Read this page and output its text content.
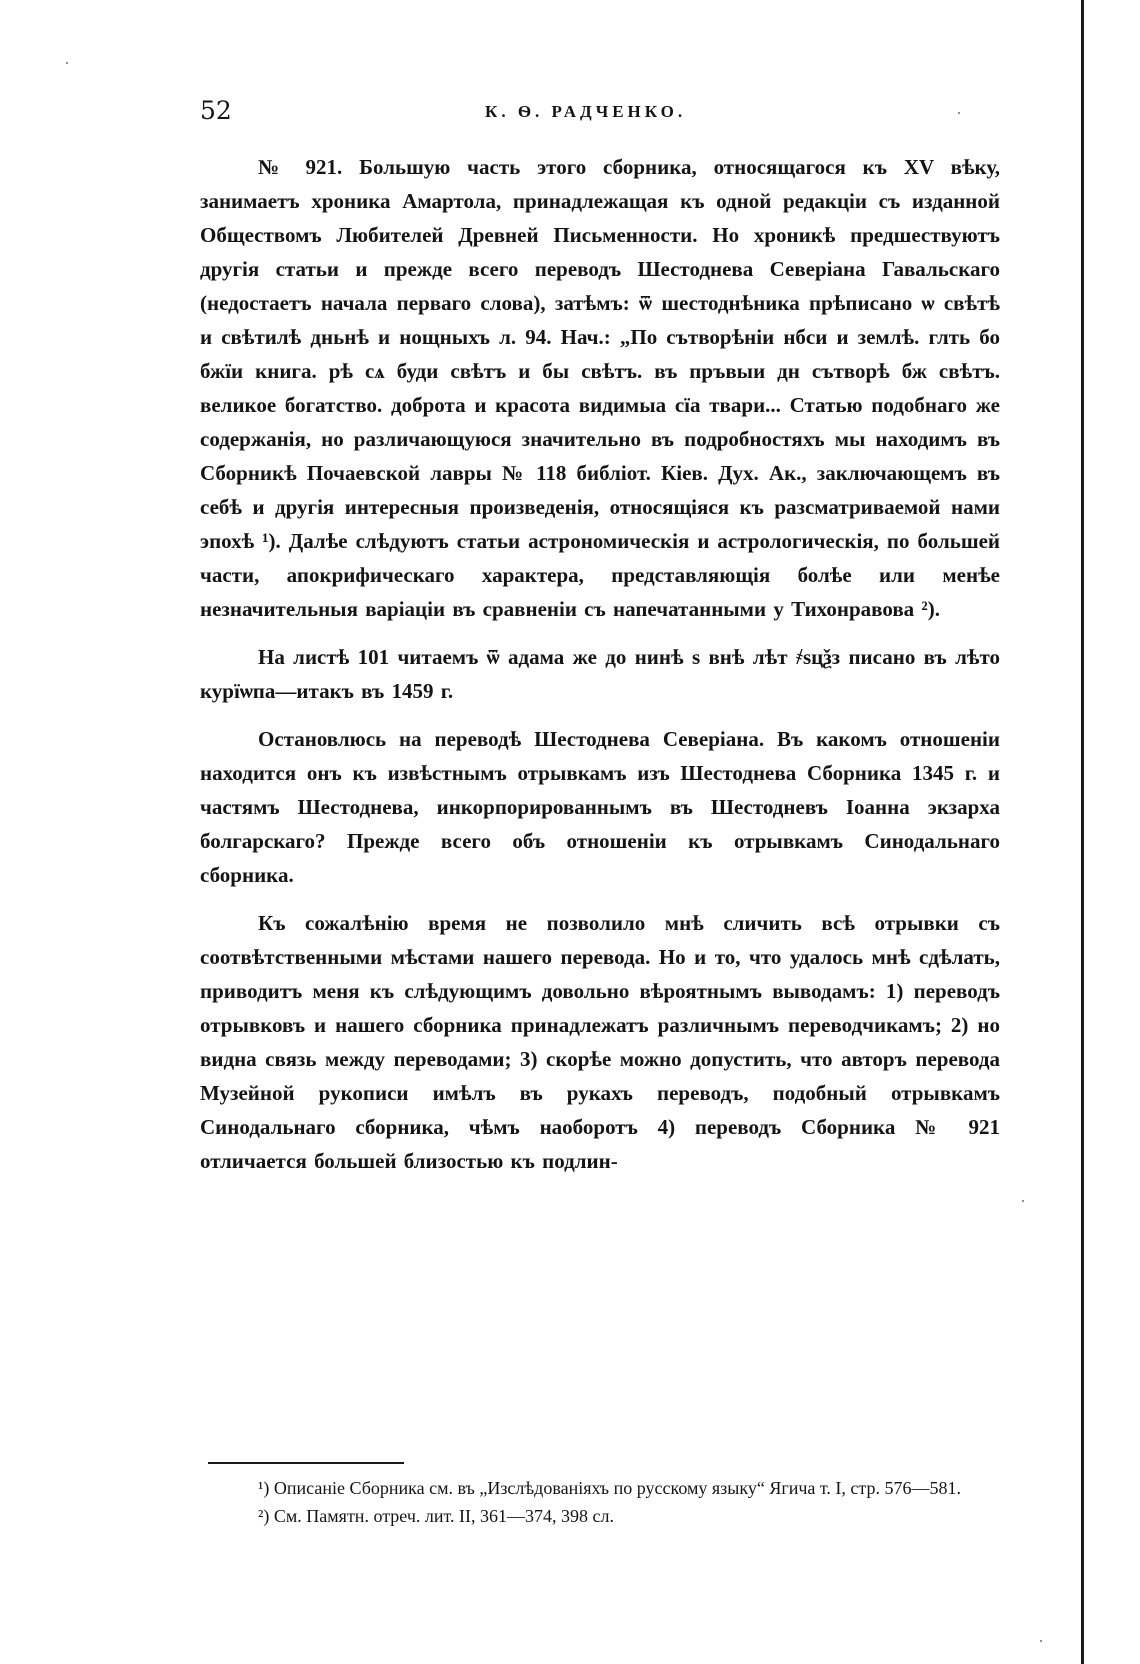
52	К. Ѳ. РАДЧЕНКО.

№ 921. Большую часть этого сборника, относящагося къ XV вѣку, занимаетъ хроника Амартола, принадлежащая къ одной редакціи съ изданной Обществомъ Любителей Древней Письменности. Но хроникѣ предшествуютъ другія статьи и прежде всего переводъ Шестоднева Северіана Гавальскаго (недостаетъ начала перваго слова), затѣмъ: ѿ шестоднѣника прѣписано ѡ свѣтѣ и свѣтилѣ дньнѣ и нощныхъ л. 94. Нач.: „По сътворѣніи нбси и землѣ. глть бо бжїи книга. рѣ сѧ буди свѣтъ и бы свѣтъ. въ пръвыи дн сътворѣ бж свѣтъ. великое богатство. доброта и красота видимыа сїа твари... Статью подобнаго же содержанія, но различающуюся значительно въ подробностяхъ мы находимъ въ Сборникѣ Почаевской лавры № 118 библіот. Кіев. Дух. Ак., заключающемъ въ себѣ и другія интересныя произведенія, относящіяся къ разсматриваемой нами эпохѣ ¹). Далѣе слѣдуютъ статьи астрономическія и астрологическія, по большей части, апокрифическаго характера, представляющія болѣе или менѣе незначительныя варіаціи въ сравненіи съ напечатанными у Тихонравова ²).

На листѣ 101 читаемъ ѿ адама же до нинѣ ѕ внѣ лѣт ҂ѕцѯз писано въ лѣто курїѡпа—итакъ въ 1459 г.

Остановлюсь на переводѣ Шестоднева Северіана. Въ какомъ отношеніи находится онъ къ извѣстнымъ отрывкамъ изъ Шестоднева Сборника 1345 г. и частямъ Шестоднева, инкорпорированнымъ въ Шестодневъ Іоанна экзарха болгарскаго? Прежде всего объ отношеніи къ отрывкамъ Синодальнаго сборника.

Къ сожалѣнію время не позволило мнѣ сличить всѣ отрывки съ соотвѣтственными мѣстами нашего перевода. Но и то, что удалось мнѣ сдѣлать, приводитъ меня къ слѣдующимъ довольно вѣроятнымъ выводамъ: 1) переводъ отрывковъ и нашего сборника принадлежатъ различнымъ переводчикамъ; 2) но видна связь между переводами; 3) скорѣе можно допустить, что авторъ перевода Музейной рукописи имѣлъ въ рукахъ переводъ, подобный отрывкамъ Синодальнаго сборника, чѣмъ наоборотъ 4) переводъ Сборника № 921 отличается большей близостью къ подлин-

¹) Описаніе Сборника см. въ „Изслѣдованіяхъ по русскому языку“ Ягича т. I, стр. 576—581.

²) См. Памятн. отреч. лит. II, 361—374, 398 сл.
